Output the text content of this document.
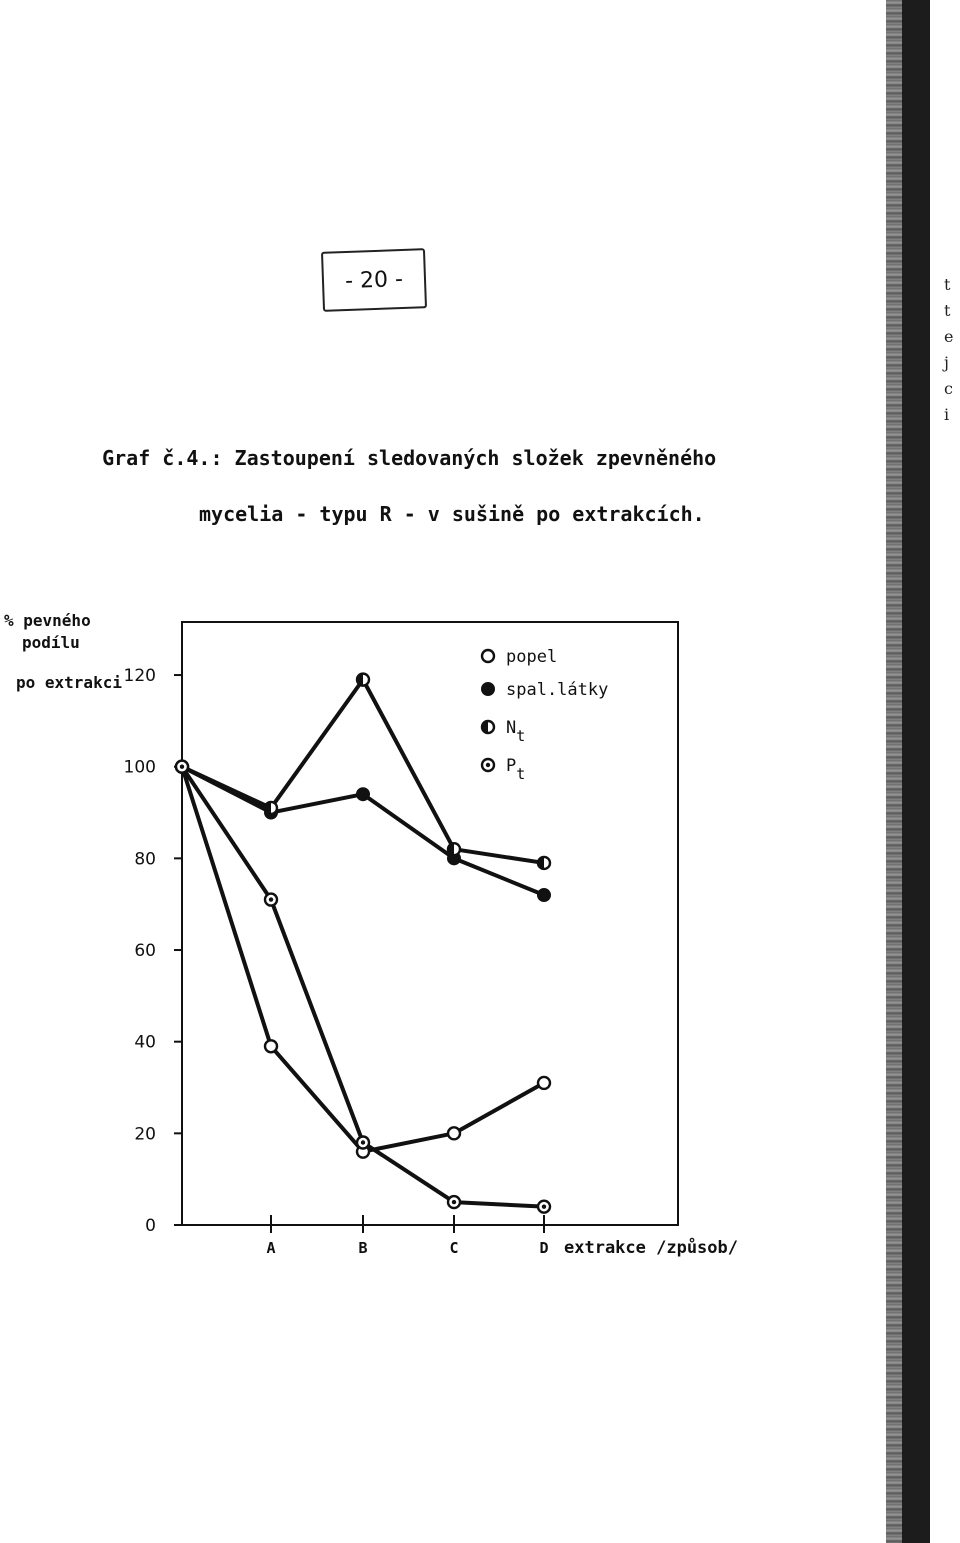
t
t
e
j
c
i
- 20 -

Graf č.4.: Zastoupení sledovaných složek zpevněného

mycelia - typu R - v sušině po extrakcích.

% pevného
podílu
po extrakci
0
20
40
60
80
100
120
A	B	C	D extrakce /způsob/
popel
spal.látky
Nt
Pt
